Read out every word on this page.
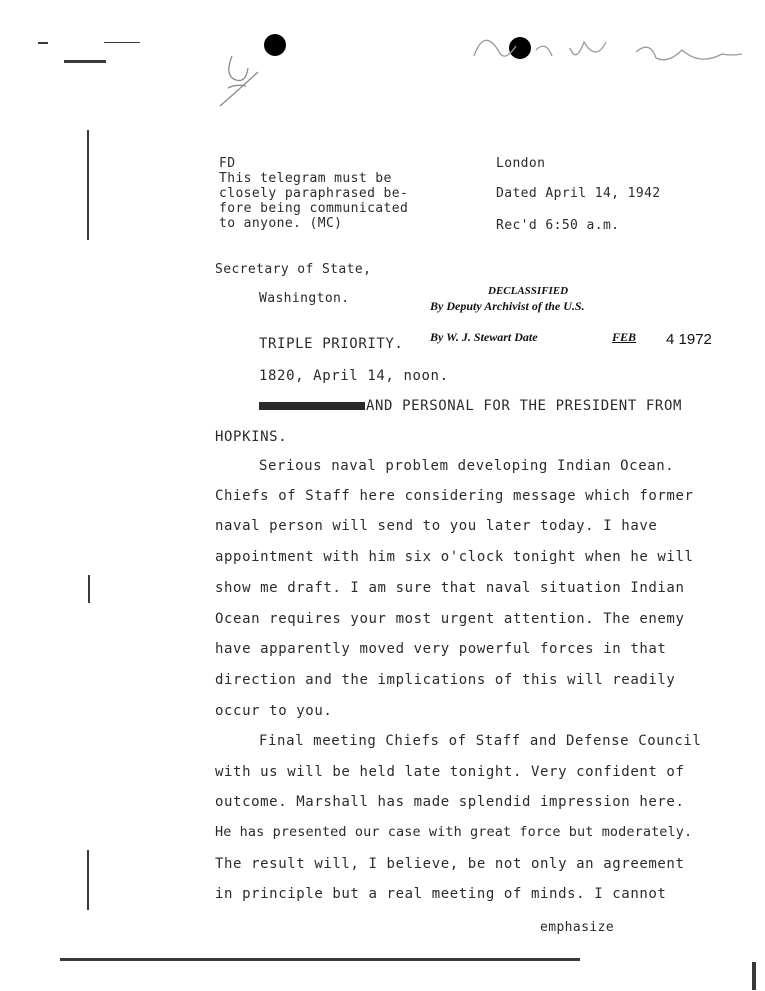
FD
This telegram must be
closely paraphrased be-
fore being communicated
to anyone. (MC)
London
Dated April 14, 1942
Rec'd 6:50 a.m.
Secretary of State,
Washington.	DECLASSIFIED
By Deputy Archivist of the U.S.
By W. J. Stewart Date	FEB 4 1972
TRIPLE PRIORITY.
1820, April 14, noon.
AND PERSONAL FOR THE PRESIDENT FROM
HOPKINS.
Serious naval problem developing Indian Ocean.
Chiefs of Staff here considering message which former
naval person will send to you later today. I have
appointment with him six o'clock tonight when he will
show me draft. I am sure that naval situation Indian
Ocean requires your most urgent attention. The enemy
have apparently moved very powerful forces in that
direction and the implications of this will readily
occur to you.
Final meeting Chiefs of Staff and Defense Council
with us will be held late tonight. Very confident of
outcome. Marshall has made splendid impression here.
He has presented our case with great force but moderately.
The result will, I believe, be not only an agreement
in principle but a real meeting of minds. I cannot
emphasize
